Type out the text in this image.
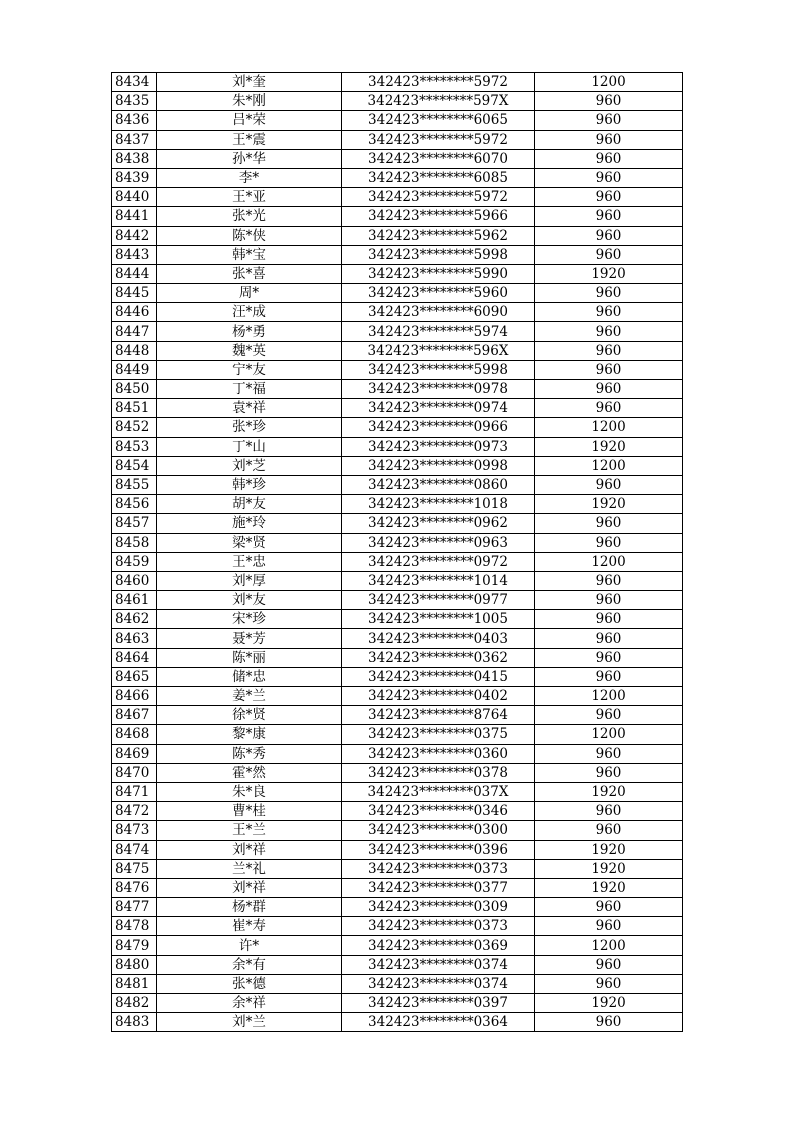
8434	刘*奎	342423********5972	1200
8435	朱*刚	342423********597X	960
8436	吕*荣	342423********6065	960
8437	王*震	342423********5972	960
8438	孙*华	342423********6070	960
8439	李*	342423********6085	960
8440	王*亚	342423********5972	960
8441	张*光	342423********5966	960
8442	陈*侠	342423********5962	960
8443	韩*宝	342423********5998	960
8444	张*喜	342423********5990	1920
8445	周*	342423********5960	960
8446	汪*成	342423********6090	960
8447	杨*勇	342423********5974	960
8448	魏*英	342423********596X	960
8449	宁*友	342423********5998	960
8450	丁*福	342423********0978	960
8451	袁*祥	342423********0974	960
8452	张*珍	342423********0966	1200
8453	丁*山	342423********0973	1920
8454	刘*芝	342423********0998	1200
8455	韩*珍	342423********0860	960
8456	胡*友	342423********1018	1920
8457	施*玲	342423********0962	960
8458	梁*贤	342423********0963	960
8459	王*忠	342423********0972	1200
8460	刘*厚	342423********1014	960
8461	刘*友	342423********0977	960
8462	宋*珍	342423********1005	960
8463	聂*芳	342423********0403	960
8464	陈*丽	342423********0362	960
8465	储*忠	342423********0415	960
8466	姜*兰	342423********0402	1200
8467	徐*贤	342423********8764	960
8468	黎*康	342423********0375	1200
8469	陈*秀	342423********0360	960
8470	霍*然	342423********0378	960
8471	朱*良	342423********037X	1920
8472	曹*桂	342423********0346	960
8473	王*兰	342423********0300	960
8474	刘*祥	342423********0396	1920
8475	兰*礼	342423********0373	1920
8476	刘*祥	342423********0377	1920
8477	杨*群	342423********0309	960
8478	崔*寿	342423********0373	960
8479	许*	342423********0369	1200
8480	余*有	342423********0374	960
8481	张*德	342423********0374	960
8482	余*祥	342423********0397	1920
8483	刘*兰	342423********0364	960
